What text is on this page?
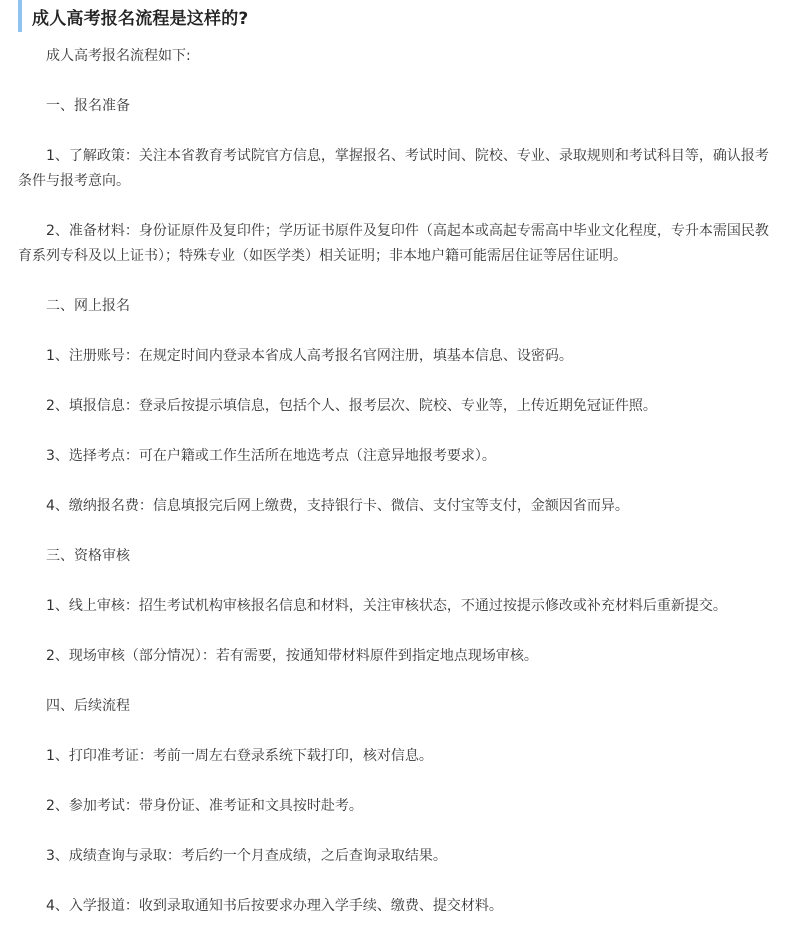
成人高考报名流程是这样的?

成人高考报名流程如下:

一、报名准备

1、了解政策：关注本省教育考试院官方信息，掌握报名、考试时间、院校、专业、录取规则和考试科目等，确认报考条件与报考意向。

2、准备材料：身份证原件及复印件；学历证书原件及复印件（高起本或高起专需高中毕业文化程度，专升本需国民教育系列专科及以上证书）；特殊专业（如医学类）相关证明；非本地户籍可能需居住证等居住证明。

二、网上报名

1、注册账号：在规定时间内登录本省成人高考报名官网注册，填基本信息、设密码。

2、填报信息：登录后按提示填信息，包括个人、报考层次、院校、专业等，上传近期免冠证件照。

3、选择考点：可在户籍或工作生活所在地选考点（注意异地报考要求）。

4、缴纳报名费：信息填报完后网上缴费，支持银行卡、微信、支付宝等支付，金额因省而异。

三、资格审核

1、线上审核：招生考试机构审核报名信息和材料，关注审核状态，不通过按提示修改或补充材料后重新提交。

2、现场审核（部分情况）：若有需要，按通知带材料原件到指定地点现场审核。

四、后续流程

1、打印准考证：考前一周左右登录系统下载打印，核对信息。

2、参加考试：带身份证、准考证和文具按时赴考。

3、成绩查询与录取：考后约一个月查成绩，之后查询录取结果。

4、入学报道：收到录取通知书后按要求办理入学手续、缴费、提交材料。
